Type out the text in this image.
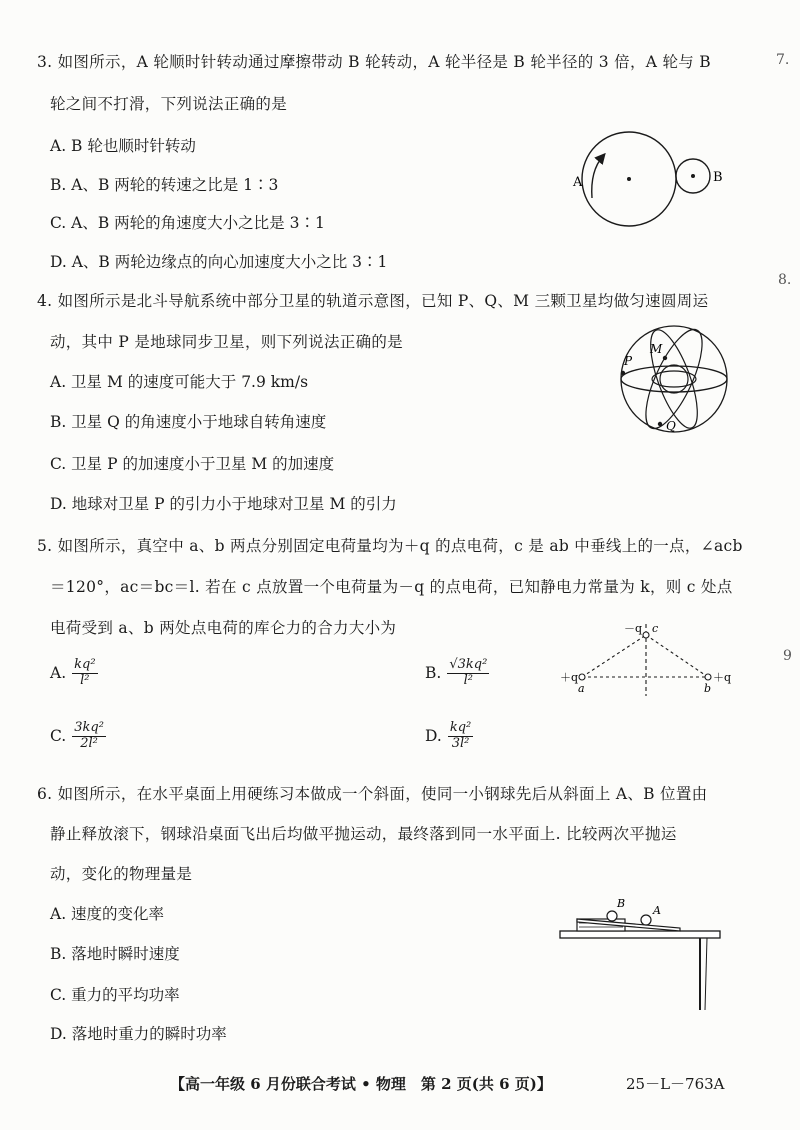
7.
8.
9
3. 如图所示，A 轮顺时针转动通过摩擦带动 B 轮转动，A 轮半径是 B 轮半径的 3 倍，A 轮与 B
轮之间不打滑，下列说法正确的是
A. B 轮也顺时针转动
B. A、B 两轮的转速之比是 1∶3
C. A、B 两轮的角速度大小之比是 3∶1
D. A、B 两轮边缘点的向心加速度大小之比 3∶1
A	B
4. 如图所示是北斗导航系统中部分卫星的轨道示意图，已知 P、Q、M 三颗卫星均做匀速圆周运
动，其中 P 是地球同步卫星，则下列说法正确的是
A. 卫星 M 的速度可能大于 7.9 km/s
B. 卫星 Q 的角速度小于地球自转角速度
C. 卫星 P 的加速度小于卫星 M 的加速度
D. 地球对卫星 P 的引力小于地球对卫星 M 的引力
P
M
Q
5. 如图所示，真空中 a、b 两点分别固定电荷量均为＋q 的点电荷，c 是 ab 中垂线上的一点，∠acb
＝120°，ac＝bc＝l. 若在 c 点放置一个电荷量为－q 的点电荷，已知静电力常量为 k，则 c 处点
电荷受到 a、b 两处点电荷的库仑力的合力大小为
A. $\frac{\text{kq²}}{\text{l²}}$	B. $\frac{\text{√3kq²}}{\text{l²}}$
C. $\frac{\text{3kq²}}{\text{2l²}}$	D. $\frac{\text{kq²}}{\text{3l²}}$
－q c
＋q
a	b
＋q
6. 如图所示，在水平桌面上用硬练习本做成一个斜面，使同一小钢球先后从斜面上 A、B 位置由
静止释放滚下，钢球沿桌面飞出后均做平抛运动，最终落到同一水平面上. 比较两次平抛运
动，变化的物理量是
A. 速度的变化率
B. 落地时瞬时速度
C. 重力的平均功率
D. 落地时重力的瞬时功率
B
A
【高一年级 6 月份联合考试 • 物理　第 2 页(共 6 页)】	25－L－763A
